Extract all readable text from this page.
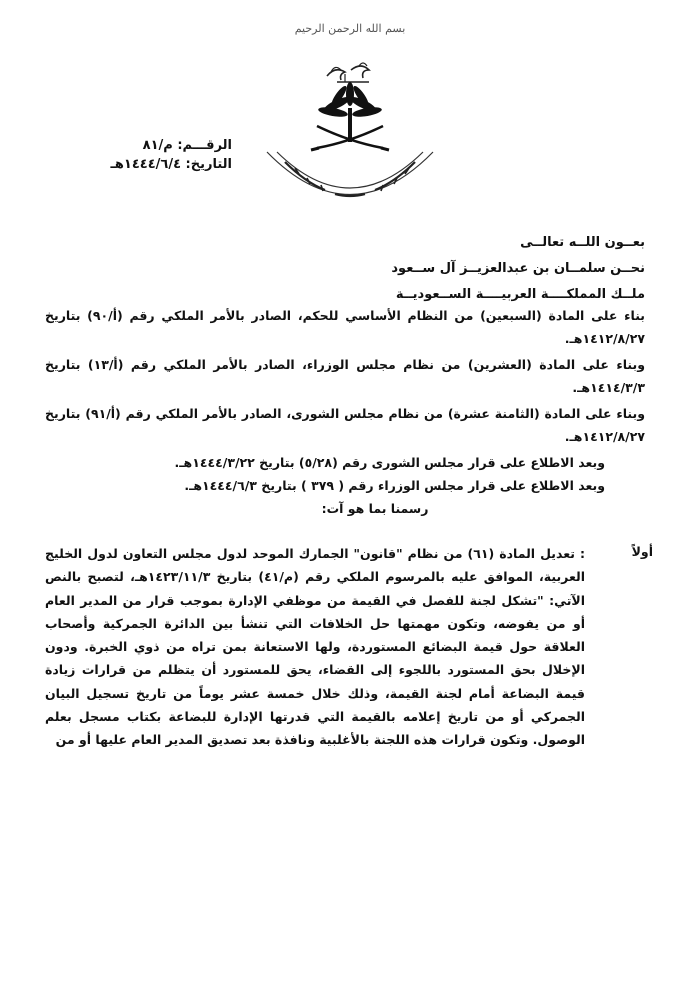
بسم الله الرحمن الرحيم
الرقـــم: م/٨١
التاريخ: ١٤٤٤/٦/٤هـ
بعــون اللــه تعالــى
نحــن سلمــان بن عبدالعزيــز آل ســعود
ملــك المملكــــة العربيــــة الســعوديــة
بناء على المادة (السبعين) من النظام الأساسي للحكم، الصادر بالأمر الملكي رقم (أ/٩٠) بتاريخ ١٤١٢/٨/٢٧هـ.
وبناء على المادة (العشرين) من نظام مجلس الوزراء، الصادر بالأمر الملكي رقم (أ/١٣) بتاريخ ١٤١٤/٣/٣هـ.
وبناء على المادة (الثامنة عشرة) من نظام مجلس الشورى، الصادر بالأمر الملكي رقم (أ/٩١) بتاريخ ١٤١٢/٨/٢٧هـ.
وبعد الاطلاع على قرار مجلس الشورى رقم (٥/٢٨) بتاريخ ١٤٤٤/٣/٢٢هـ.
وبعد الاطلاع على قرار مجلس الوزراء رقم ( ٣٧٩ ) بتاريخ ١٤٤٤/٦/٣هـ.
رسمنا بما هو آت:
أولاً
: تعديل المادة (٦١) من نظام "قانون" الجمارك الموحد لدول مجلس التعاون لدول الخليج العربية، الموافق عليه بالمرسوم الملكي رقم (م/٤١) بتاريخ ١٤٢٣/١١/٣هـ، لتصبح بالنص الآتي: "تشكل لجنة للفصل في القيمة من موظفي الإدارة بموجب قرار من المدير العام أو من يفوضه، وتكون مهمتها حل الخلافات التي تنشأ بين الدائرة الجمركية وأصحاب العلاقة حول قيمة البضائع المستوردة، ولها الاستعانة بمن تراه من ذوي الخبرة. ودون الإخلال بحق المستورد باللجوء إلى القضاء، يحق للمستورد أن يتظلم من قرارات زيادة قيمة البضاعة أمام لجنة القيمة، وذلك خلال خمسة عشر يوماً من تاريخ تسجيل البيان الجمركي أو من تاريخ إعلامه بالقيمة التي قدرتها الإدارة للبضاعة بكتاب مسجل بعلم الوصول. وتكون قرارات هذه اللجنة بالأغلبية ونافذة بعد تصديق المدير العام عليها أو من
